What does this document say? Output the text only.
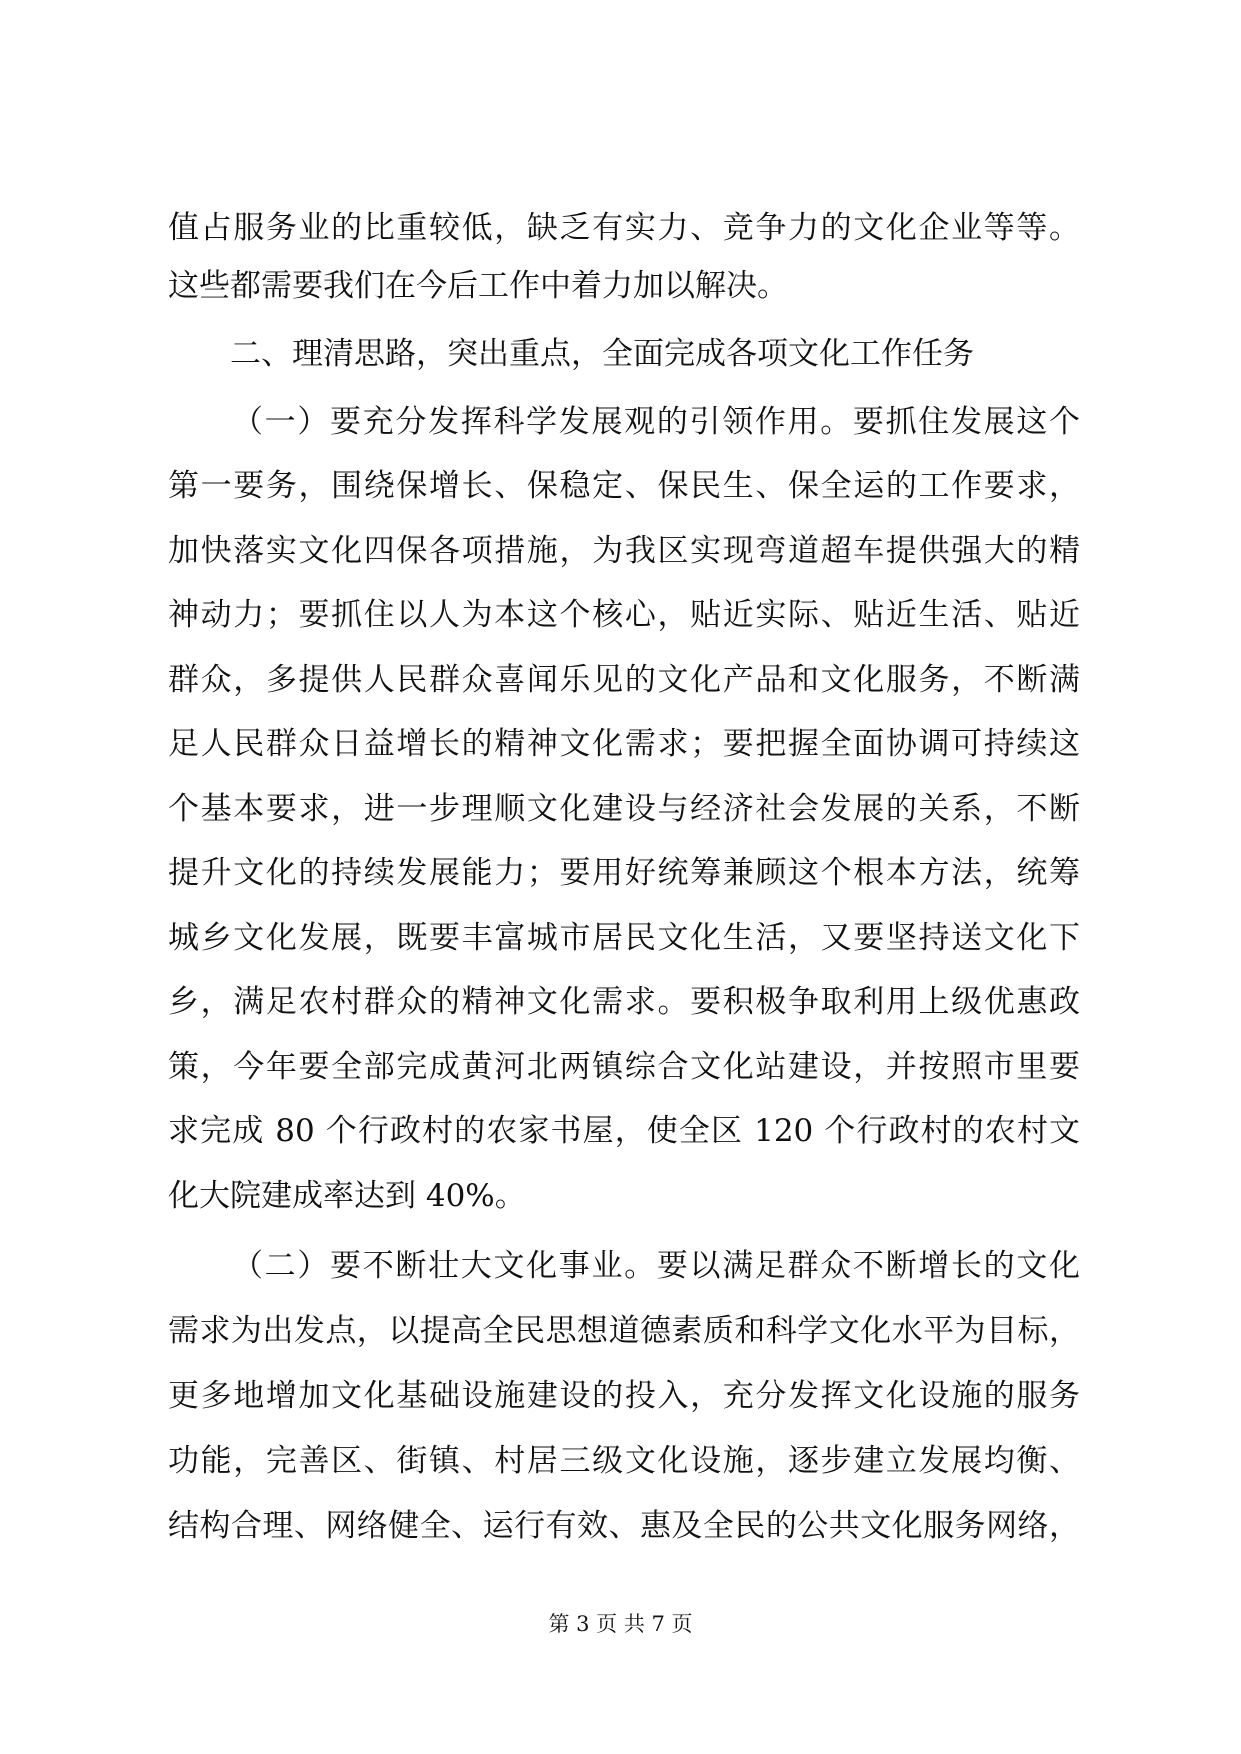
值占服务业的比重较低，缺乏有实力、竞争力的文化企业等等。
这些都需要我们在今后工作中着力加以解决。
二、理清思路，突出重点，全面完成各项文化工作任务
（一）要充分发挥科学发展观的引领作用。要抓住发展这个
第一要务，围绕保增长、保稳定、保民生、保全运的工作要求，
加快落实文化四保各项措施，为我区实现弯道超车提供强大的精
神动力；要抓住以人为本这个核心，贴近实际、贴近生活、贴近
群众，多提供人民群众喜闻乐见的文化产品和文化服务，不断满
足人民群众日益增长的精神文化需求；要把握全面协调可持续这
个基本要求，进一步理顺文化建设与经济社会发展的关系，不断
提升文化的持续发展能力；要用好统筹兼顾这个根本方法，统筹
城乡文化发展，既要丰富城市居民文化生活，又要坚持送文化下
乡，满足农村群众的精神文化需求。要积极争取利用上级优惠政
策，今年要全部完成黄河北两镇综合文化站建设，并按照市里要
求完成 80 个行政村的农家书屋，使全区 120 个行政村的农村文
化大院建成率达到 40%。
（二）要不断壮大文化事业。要以满足群众不断增长的文化
需求为出发点，以提高全民思想道德素质和科学文化水平为目标，
更多地增加文化基础设施建设的投入，充分发挥文化设施的服务
功能，完善区、街镇、村居三级文化设施，逐步建立发展均衡、
结构合理、网络健全、运行有效、惠及全民的公共文化服务网络，
第 3 页 共 7 页
